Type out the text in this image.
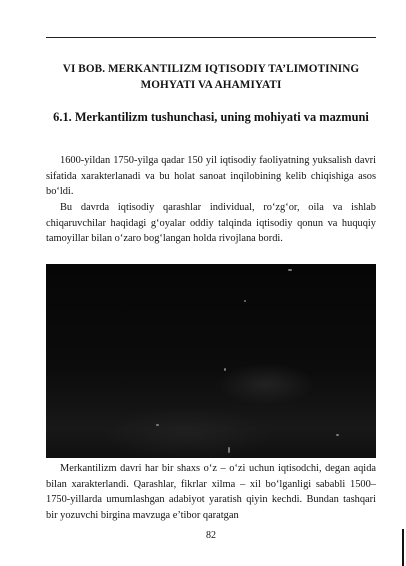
VI BOB. MERKANTILIZM IQTISODIY TA’LIMOTINING MOHYATI VA AHAMIYATI
6.1. Merkantilizm tushunchasi, uning mohiyati va mazmuni

1600-yildan 1750-yilga qadar 150 yil iqtisodiy faoliyatning yuksalish davri sifatida xarakterlanadi va bu holat sanoat inqilobining kelib chiqishiga asos bo‘ldi.

Bu davrda iqtisodiy qarashlar individual, ro‘zg‘or, oila va ishlab chiqaruvchilar haqidagi g‘oyalar oddiy talqinda iqtisodiy qonun va huquqiy tamoyillar bilan o‘zaro bog‘langan holda rivojlana bordi.

Merkantilizm davri har bir shaxs o‘z – o‘zi uchun iqtisodchi, degan aqida bilan xarakterlandi. Qarashlar, fikrlar xilma – xil bo‘lganligi sababli 1500–1750-yillarda umumlashgan adabiyot yaratish qiyin kechdi. Bundan tashqari bir yozuvchi birgina mavzuga e’tibor qaratgan

82
